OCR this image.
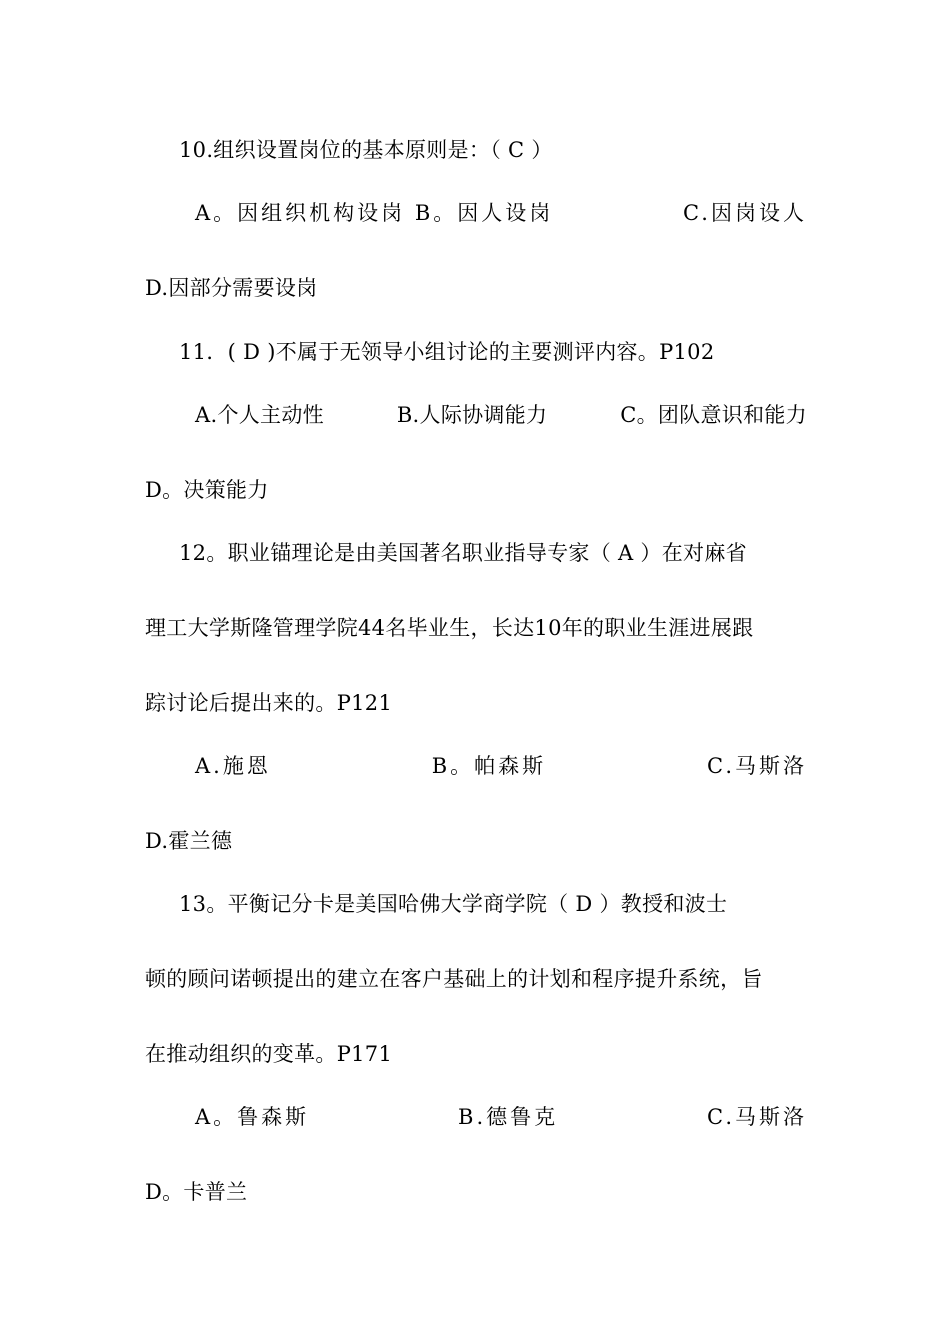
10.组织设置岗位的基本原则是：（ C ）
A。因组织机构设岗 B。因人设岗	C.因岗设人
D.因部分需要设岗
11．( D )不属于无领导小组讨论的主要测评内容。P102
A.个人主动性	B.人际协调能力	C。团队意识和能力
D。决策能力
12。职业锚理论是由美国著名职业指导专家（ A ）在对麻省
理工大学斯隆管理学院44名毕业生，长达10年的职业生涯进展跟
踪讨论后提出来的。P121
A.施恩	B。帕森斯	C.马斯洛
D.霍兰德
13。平衡记分卡是美国哈佛大学商学院（ D ）教授和波士
顿的顾问诺顿提出的建立在客户基础上的计划和程序提升系统，旨
在推动组织的变革。P171
A。鲁森斯	B.德鲁克	C.马斯洛
D。卡普兰
